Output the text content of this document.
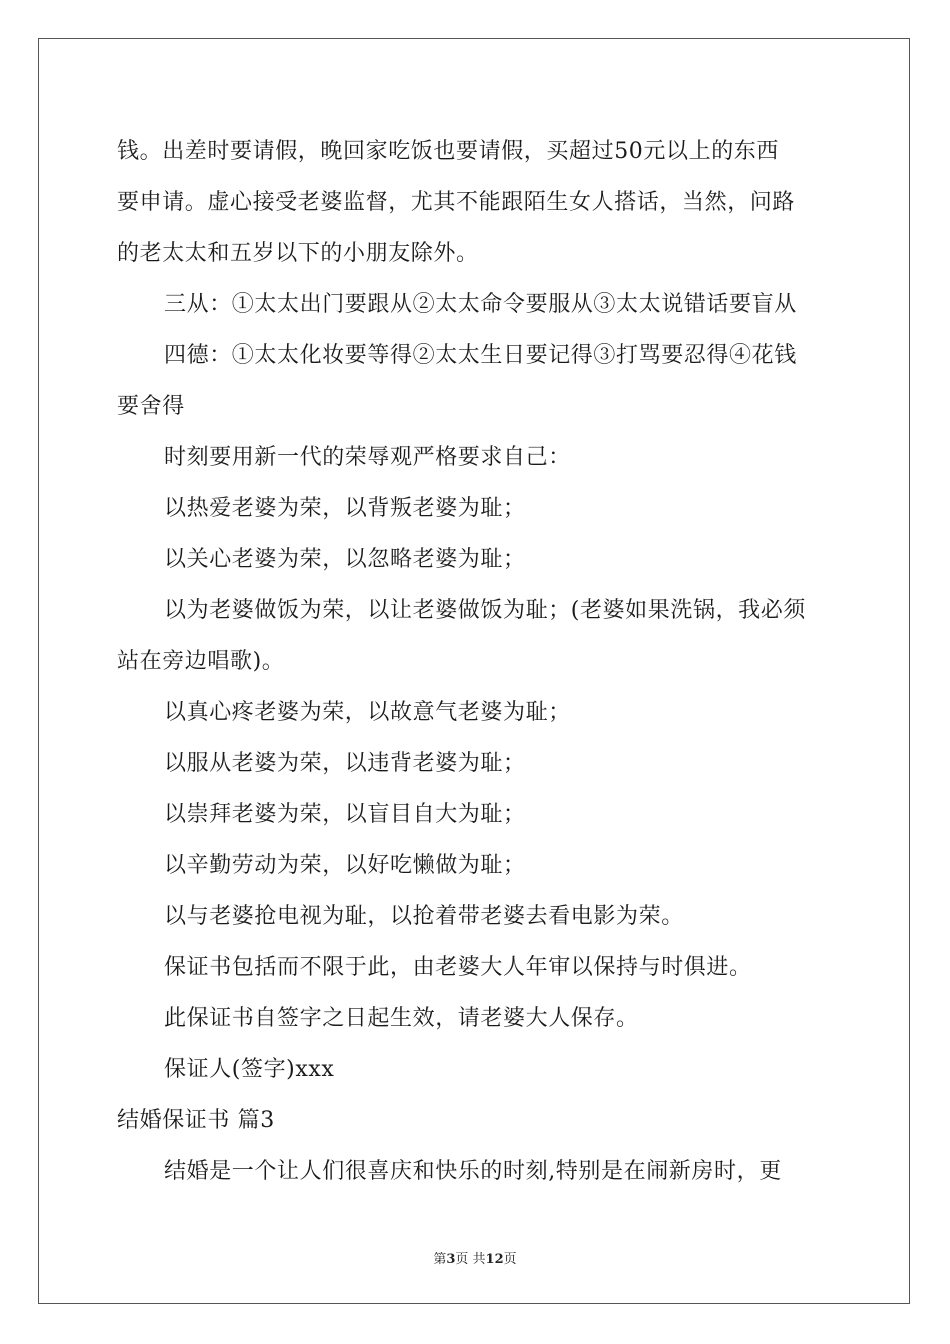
钱。出差时要请假，晚回家吃饭也要请假，买超过50元以上的东西
要申请。虚心接受老婆监督，尤其不能跟陌生女人搭话，当然，问路
的老太太和五岁以下的小朋友除外。
三从：①太太出门要跟从②太太命令要服从③太太说错话要盲从
四德：①太太化妆要等得②太太生日要记得③打骂要忍得④花钱
要舍得
时刻要用新一代的荣辱观严格要求自己：
以热爱老婆为荣，以背叛老婆为耻；
以关心老婆为荣，以忽略老婆为耻；
以为老婆做饭为荣，以让老婆做饭为耻；(老婆如果洗锅，我必须
站在旁边唱歌)。
以真心疼老婆为荣，以故意气老婆为耻；
以服从老婆为荣，以违背老婆为耻；
以崇拜老婆为荣，以盲目自大为耻；
以辛勤劳动为荣，以好吃懒做为耻；
以与老婆抢电视为耻，以抢着带老婆去看电影为荣。
保证书包括而不限于此，由老婆大人年审以保持与时俱进。
此保证书自签字之日起生效，请老婆大人保存。
保证人(签字)xxx
结婚保证书 篇3
结婚是一个让人们很喜庆和快乐的时刻,特别是在闹新房时，更
第3页 共12页
